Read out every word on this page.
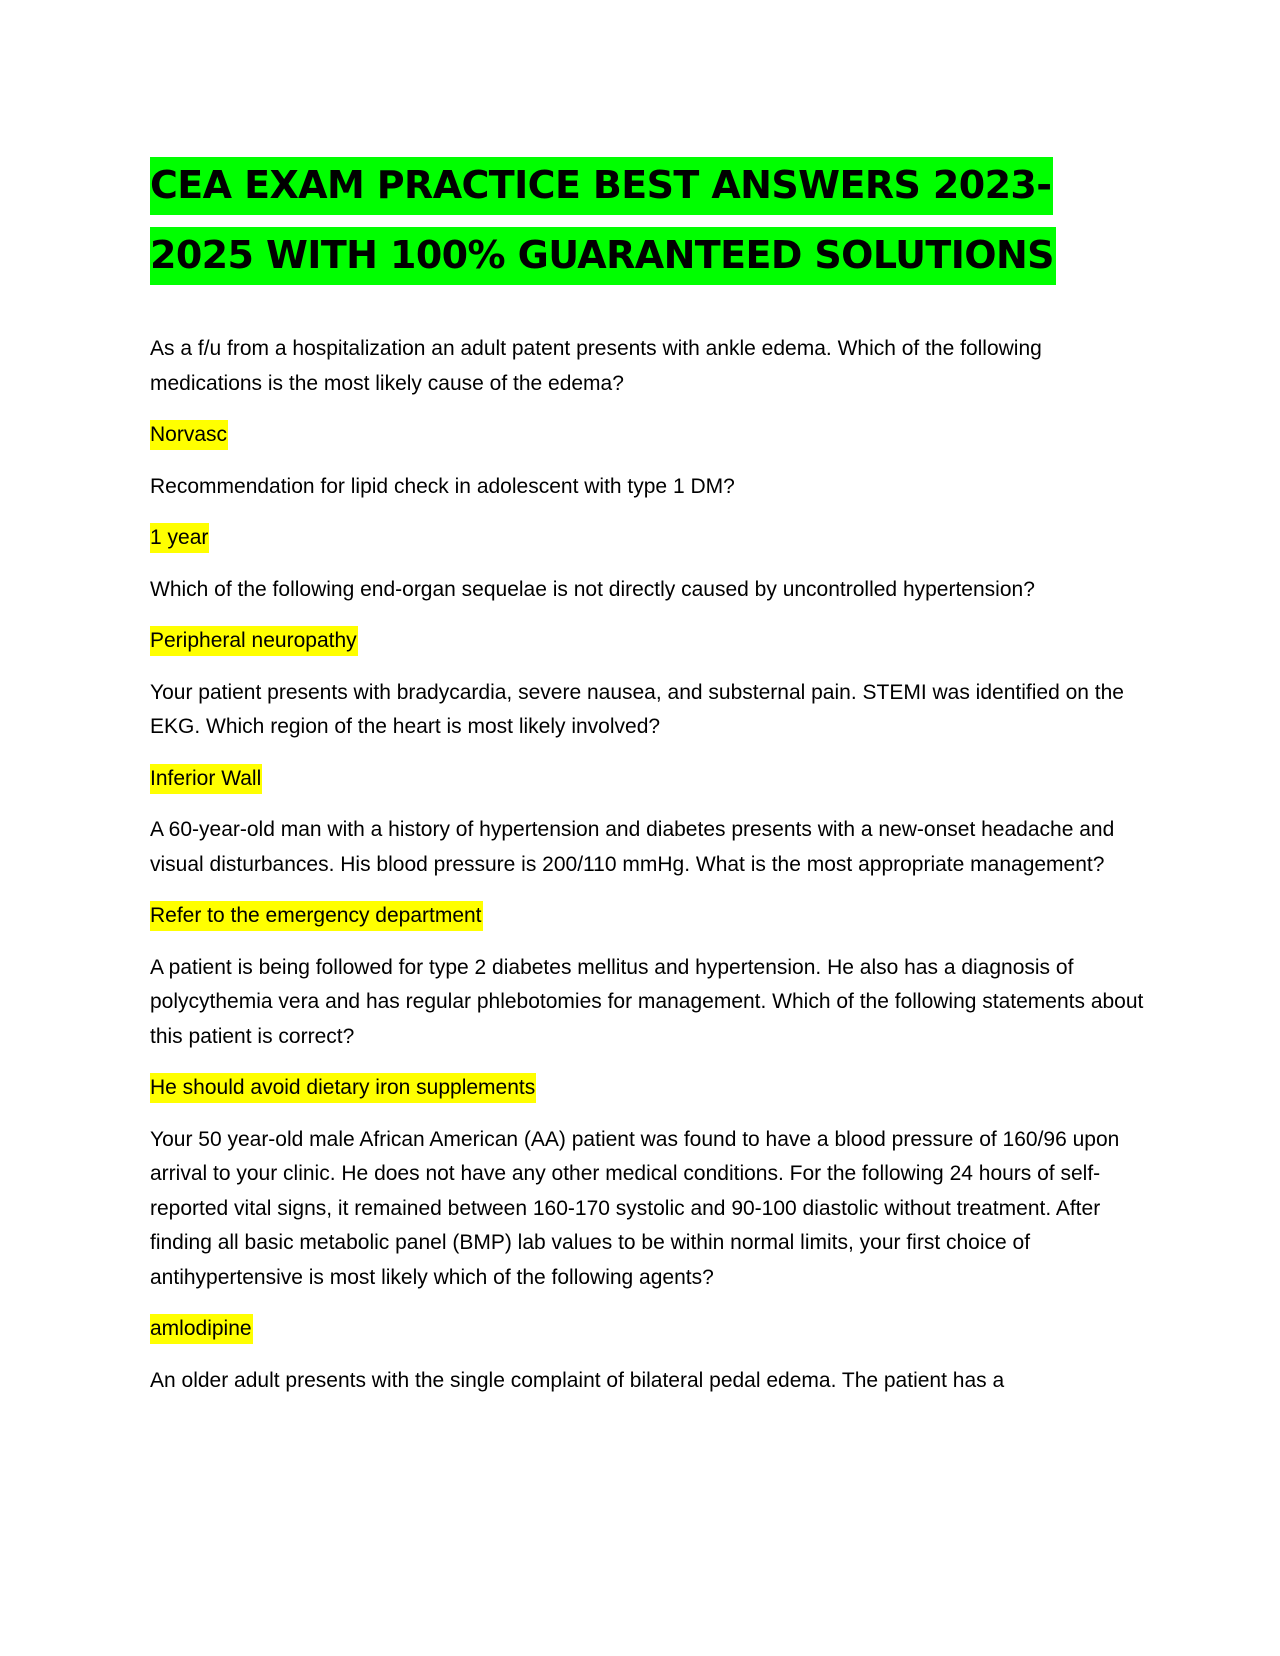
CEA EXAM PRACTICE BEST ANSWERS 2023-
2025 WITH 100% GUARANTEED SOLUTIONS

As a f/u from a hospitalization an adult patent presents with ankle edema. Which of the following medications is the most likely cause of the edema?

Norvasc

Recommendation for lipid check in adolescent with type 1 DM?

1 year

Which of the following end-organ sequelae is not directly caused by uncontrolled hypertension?

Peripheral neuropathy

Your patient presents with bradycardia, severe nausea, and substernal pain. STEMI was identified on the EKG. Which region of the heart is most likely involved?

Inferior Wall

A 60-year-old man with a history of hypertension and diabetes presents with a new-onset headache and visual disturbances. His blood pressure is 200/110 mmHg. What is the most appropriate management?

Refer to the emergency department

A patient is being followed for type 2 diabetes mellitus and hypertension. He also has a diagnosis of polycythemia vera and has regular phlebotomies for management. Which of the following statements about this patient is correct?

He should avoid dietary iron supplements

Your 50 year-old male African American (AA) patient was found to have a blood pressure of 160/96 upon arrival to your clinic. He does not have any other medical conditions. For the following 24 hours of self-reported vital signs, it remained between 160-170 systolic and 90-100 diastolic without treatment. After finding all basic metabolic panel (BMP) lab values to be within normal limits, your first choice of antihypertensive is most likely which of the following agents?

amlodipine

An older adult presents with the single complaint of bilateral pedal edema. The patient has a
